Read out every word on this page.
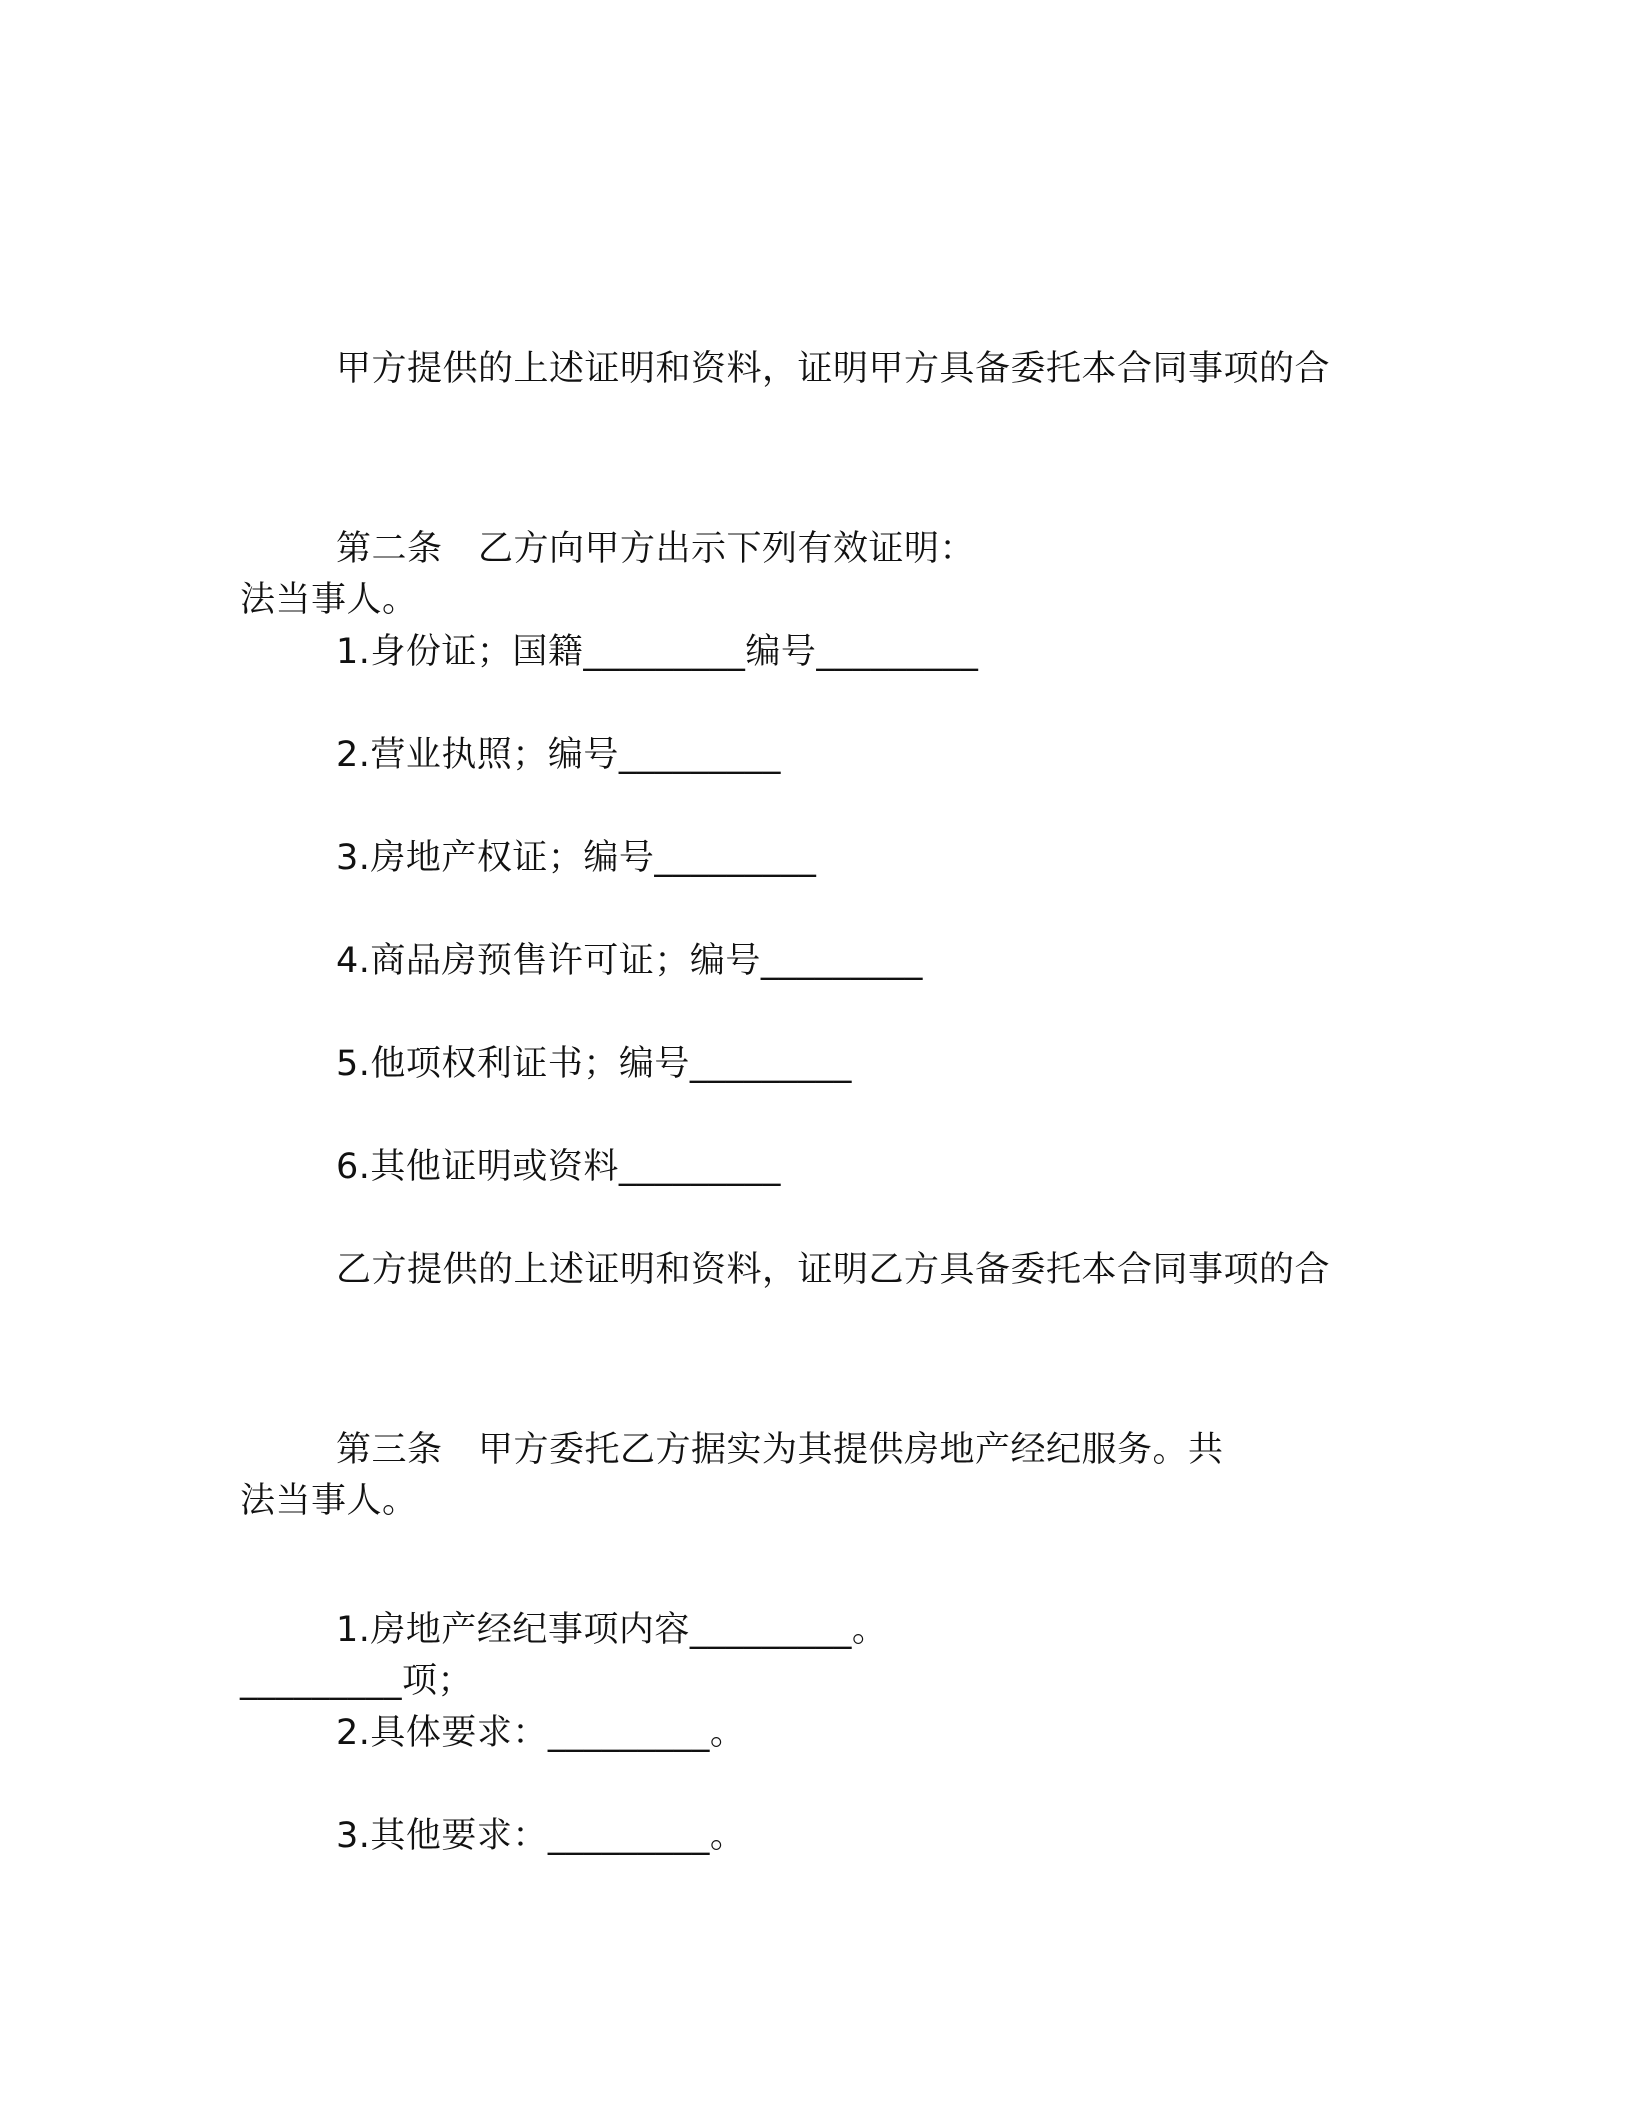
甲方提供的上述证明和资料，证明甲方具备委托本合同事项的合

法当事人。

第二条　乙方向甲方出示下列有效证明：

1.身份证；国籍_________编号_________

2.营业执照；编号_________

3.房地产权证；编号_________

4.商品房预售许可证；编号_________

5.他项权利证书；编号_________

6.其他证明或资料_________

乙方提供的上述证明和资料，证明乙方具备委托本合同事项的合

法当事人。

第三条　甲方委托乙方据实为其提供房地产经纪服务。共

_________项；

1.房地产经纪事项内容_________。

2.具体要求：_________。

3.其他要求：_________。
